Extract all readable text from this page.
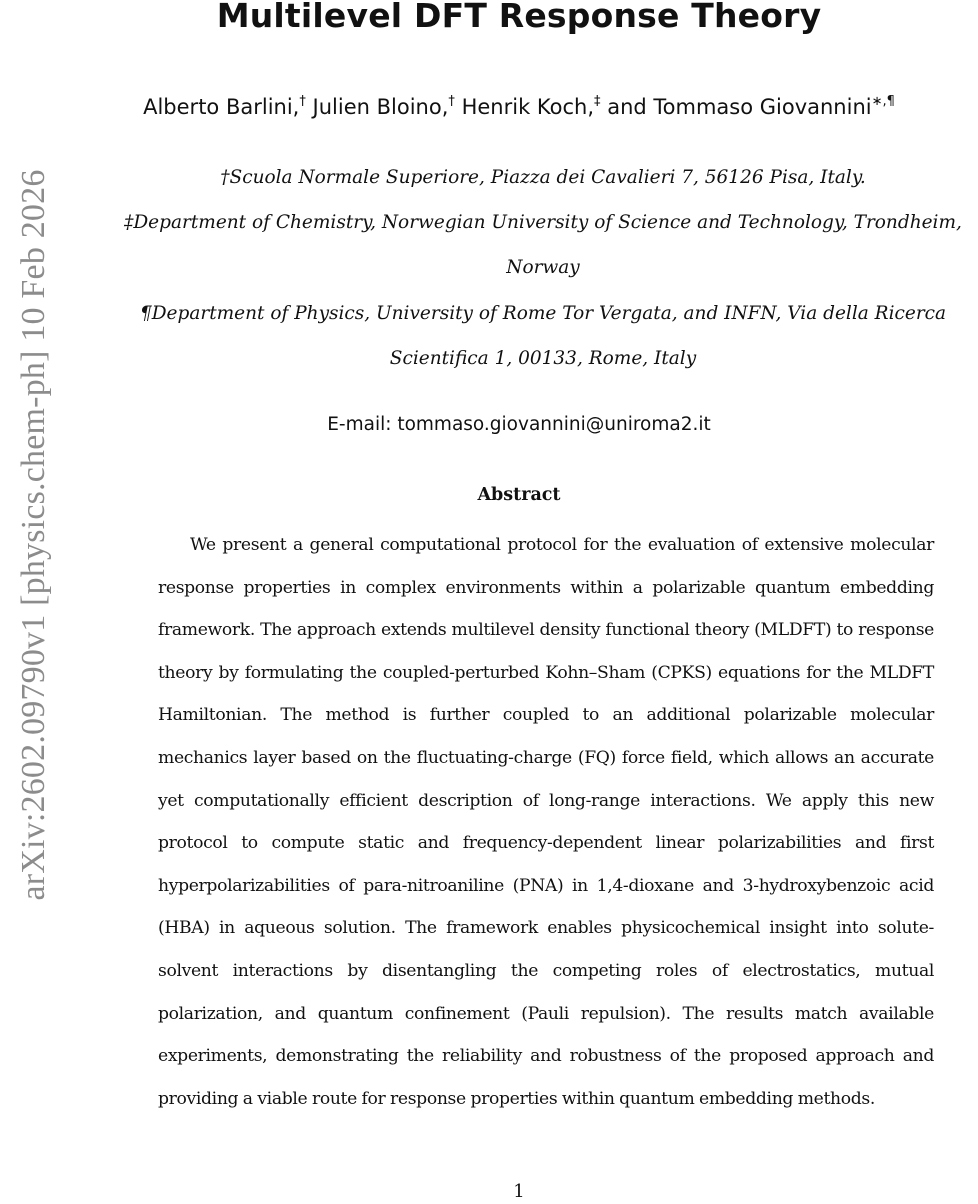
arXiv:2602.09790v1 [physics.chem-ph] 10 Feb 2026
Multilevel DFT Response Theory
Alberto Barlini,† Julien Bloino,† Henrik Koch,‡ and Tommaso Giovannini∗,¶
†Scuola Normale Superiore, Piazza dei Cavalieri 7, 56126 Pisa, Italy.
‡Department of Chemistry, Norwegian University of Science and Technology, Trondheim,
Norway
¶Department of Physics, University of Rome Tor Vergata, and INFN, Via della Ricerca
Scientifica 1, 00133, Rome, Italy
E-mail: tommaso.giovannini@uniroma2.it
Abstract

We present a general computational protocol for the evaluation of extensive molecular response properties in complex environments within a polarizable quantum embedding framework. The approach extends multilevel density functional theory (MLDFT) to response theory by formulating the coupled-perturbed Kohn–Sham (CPKS) equations for the MLDFT Hamiltonian. The method is further coupled to an additional polarizable molecular mechanics layer based on the fluctuating-charge (FQ) force field, which allows an accurate yet computationally efficient description of long-range interactions. We apply this new protocol to compute static and frequency-dependent linear polarizabilities and first hyperpolarizabilities of para-nitroaniline (PNA) in 1,4-dioxane and 3-hydroxybenzoic acid (HBA) in aqueous solution. The framework enables physicochemical insight into solute-solvent interactions by disentangling the competing roles of electrostatics, mutual polarization, and quantum confinement (Pauli repulsion). The results match available experiments, demonstrating the reliability and robustness of the proposed approach and providing a viable route for response properties within quantum embedding methods.

1
